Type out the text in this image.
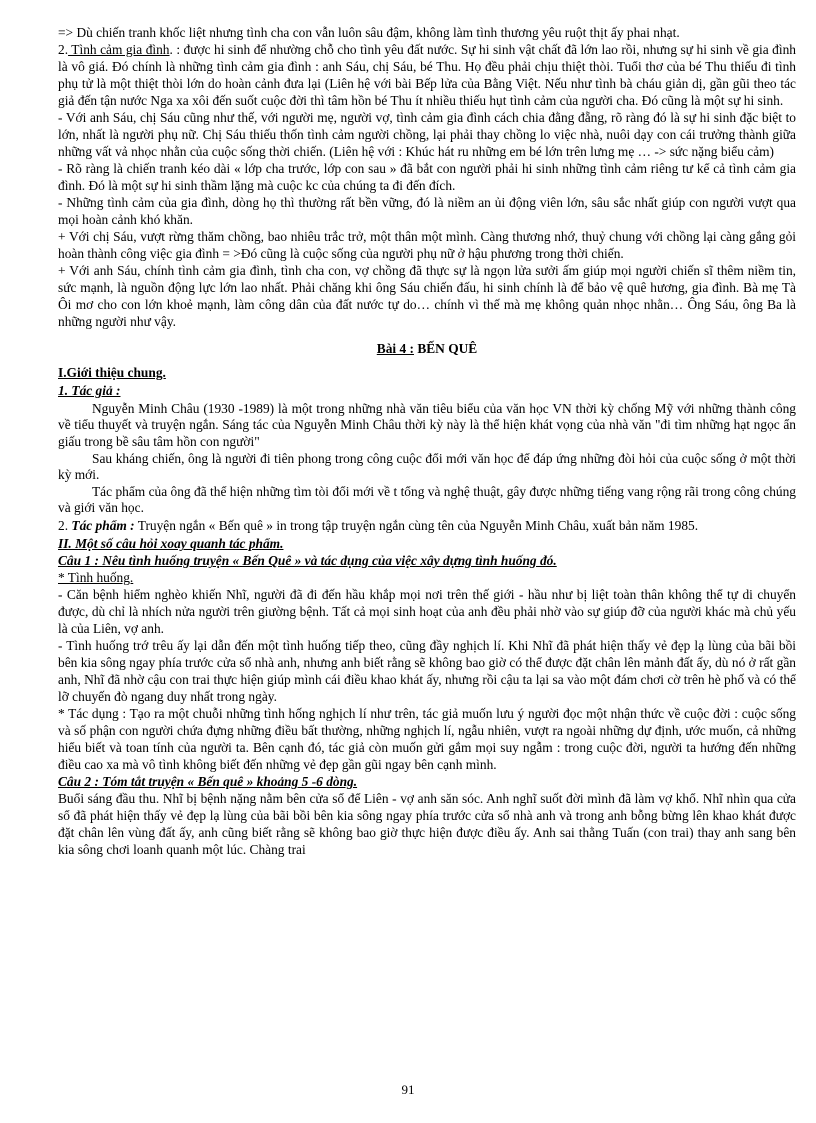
=> Dù chiến tranh khốc liệt nhưng tình cha con vẫn luôn sâu đậm, không làm tình thương yêu ruột thịt ấy phai nhạt.

2. Tình cảm gia đình. : được hi sinh để nhường chỗ cho tình yêu đất nước. Sự hi sinh vật chất đã lớn lao rồi, nhưng sự hi sinh về gia đình là vô giá. Đó chính là những tình cảm gia đình : anh Sáu, chị Sáu, bé Thu. Họ đều phải chịu thiệt thòi. Tuổi thơ của bé Thu thiếu đi tình phụ tử là một thiệt thòi lớn do hoàn cảnh đưa lại (Liên hệ với bài Bếp lửa của Bằng Việt. Nếu như tình bà cháu giản dị, gần gũi theo tác giả đến tận nước Nga xa xôi đến suốt cuộc đời thì tâm hồn bé Thu ít nhiều thiếu hụt tình cảm của người cha. Đó cũng là một sự hi sinh.

- Với anh Sáu, chị Sáu cũng như thế, với người mẹ, người vợ, tình cảm gia đình cách chia đằng đẵng, rõ ràng đó là sự hi sinh đặc biệt to lớn, nhất là người phụ nữ. Chị Sáu thiếu thốn tình cảm người chồng, lại phải thay chồng lo việc nhà, nuôi dạy con cái trưởng thành giữa những vất vả nhọc nhằn của cuộc sống thời chiến. (Liên hệ với : Khúc hát ru những em bé lớn trên lưng mẹ … -> sức nặng biểu cảm)

- Rõ ràng là chiến tranh kéo dài « lớp cha trước, lớp con sau » đã bắt con người phải hi sinh những tình cảm riêng tư kể cả tình cảm gia đình. Đó là một sự hi sinh thầm lặng mà cuộc kc của chúng ta đi đến đích.

- Những tình cảm của gia đình, dòng họ thì thường rất bền vững, đó là niềm an ủi động viên lớn, sâu sắc nhất giúp con người vượt qua mọi hoàn cảnh khó khăn.

+ Với chị Sáu, vượt rừng thăm chồng, bao nhiêu trắc trở, một thân một mình. Càng thương nhớ, thuỷ chung với chồng lại càng gắng gỏi hoàn thành công việc gia đình = >Đó cũng là cuộc sống của người phụ nữ ở hậu phương trong thời chiến.

+ Với anh Sáu, chính tình cảm gia đình, tình cha con, vợ chồng đã thực sự là ngọn lửa sưởi ấm giúp mọi người chiến sĩ thêm niềm tin, sức mạnh, là nguồn động lực lớn lao nhất. Phải chăng khi ông Sáu chiến đấu, hi sinh chính là để bảo vệ quê hương, gia đình. Bà mẹ Tà Ôi mơ cho con lớn khoẻ mạnh, làm công dân của đất nước tự do… chính vì thế mà mẹ không quản nhọc nhằn… Ông Sáu, ông Ba là những người như vậy.

Bài 4 : BẾN QUÊ

I.Giới thiệu chung.

1. Tác giả :

Nguyễn Minh Châu (1930 -1989) là một trong những nhà văn tiêu biểu của văn học VN thời kỳ chống Mỹ với những thành công về tiểu thuyết và truyện ngắn. Sáng tác của Nguyễn Minh Châu thời kỳ này là thể hiện khát vọng của nhà văn "đi tìm những hạt ngọc ẩn giấu trong bề sâu tâm hồn con người"

Sau kháng chiến, ông là người đi tiên phong trong công cuộc đổi mới văn học để đáp ứng những đòi hỏi của cuộc sống ở một thời kỳ mới.

Tác phẩm của ông đã thể hiện những tìm tòi đổi mới về t tổng và nghệ thuật, gây được những tiếng vang rộng rãi trong công chúng và giới văn học.

2. Tác phẩm : Truyện ngắn « Bến quê » in trong tập truyện ngắn cùng tên của Nguyễn Minh Châu, xuất bản năm 1985.

II. Một số câu hỏi xoay quanh tác phẩm.

Câu 1 : Nêu tình huống truyện « Bến Quê » và tác dụng của việc xây dựng tình huống đó.

* Tình huống.

- Căn bệnh hiểm nghèo khiến Nhĩ, người đã đi đến hầu khắp mọi nơi trên thế giới - hầu như bị liệt toàn thân không thể tự di chuyển được, dù chỉ là nhích nửa người trên giường bệnh. Tất cả mọi sinh hoạt của anh đều phải nhờ vào sự giúp đỡ của người khác mà chủ yếu là của Liên, vợ anh.

- Tình huống trớ trêu ấy lại dẫn đến một tình huống tiếp theo, cũng đầy nghịch lí. Khi Nhĩ đã phát hiện thấy vẻ đẹp lạ lùng của bãi bồi bên kia sông ngay phía trước cửa sổ nhà anh, nhưng anh biết rằng sẽ không bao giờ có thể được đặt chân lên mảnh đất ấy, dù nó ở rất gần anh, Nhĩ đã nhờ cậu con trai thực hiện giúp mình cái điều khao khát ấy, nhưng rồi cậu ta lại sa vào một đám chơi cờ trên hè phố và có thể lỡ chuyến đò ngang duy nhất trong ngày.

* Tác dụng : Tạo ra một chuỗi những tình hống nghịch lí như trên, tác giả muốn lưu ý người đọc một nhận thức về cuộc đời : cuộc sống và số phận con người chứa đựng những điều bất thường, những nghịch lí, ngẫu nhiên, vượt ra ngoài những dự định, ước muốn, cả những hiểu biết và toan tính của người ta. Bên cạnh đó, tác giả còn muốn gửi gắm mọi suy ngẫm : trong cuộc đời, người ta hướng đến những điều cao xa mà vô tình không biết đến những vẻ đẹp gần gũi ngay bên cạnh mình.

Câu 2 : Tóm tắt truyện « Bến quê » khoảng 5 -6 dòng.

Buổi sáng đầu thu. Nhĩ bị bệnh nặng nằm bên cửa sổ để Liên - vợ anh săn sóc. Anh nghĩ suốt đời mình đã làm vợ khổ. Nhĩ nhìn qua cửa sổ đã phát hiện thấy vẻ đẹp lạ lùng của bãi bồi bên kia sông ngay phía trước cửa sổ nhà anh và trong anh bỗng bừng lên khao khát được đặt chân lên vùng đất ấy, anh cũng biết rằng sẽ không bao giờ thực hiện được điều ấy. Anh sai thằng Tuấn (con trai) thay anh sang bên kia sông chơi loanh quanh một lúc. Chàng trai

91
